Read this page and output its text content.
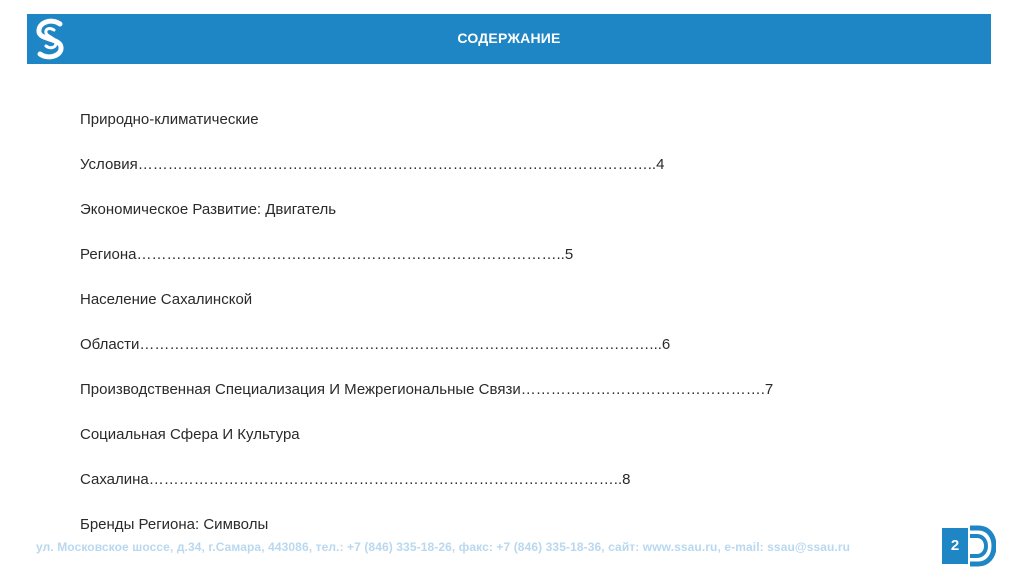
СОДЕРЖАНИЕ
Природно-климатические
Условия…………………………………………………………………………………………..4
Экономическое Развитие: Двигатель
Региона…………………………………………………………………………..5
Население Сахалинской
Области…………………………………………………………………………………………...6
Производственная Специализация И Межрегиональные Связи………………………………………….7
Социальная Сфера И Культура
Сахалина…………………………………………………………………………………..8
Бренды Региона: Символы
ул. Московское шоссе, д.34, г.Самара, 443086, тел.: +7 (846) 335-18-26, факс: +7 (846) 335-18-36, сайт: www.ssau.ru, e-mail: ssau@ssau.ru	2
